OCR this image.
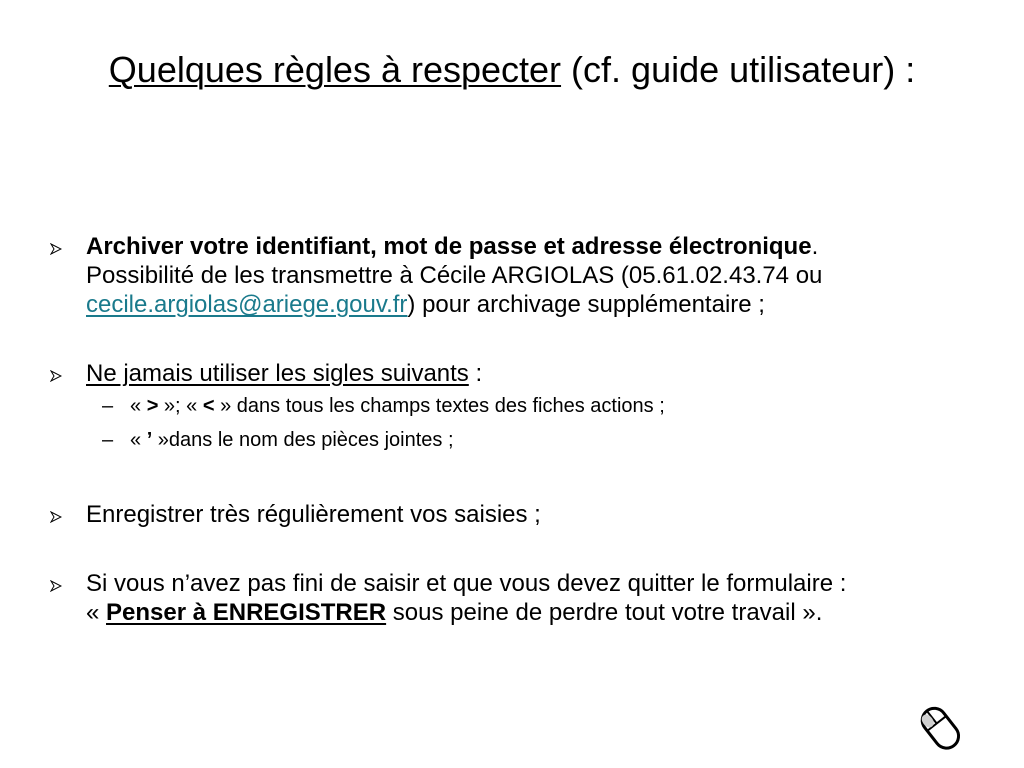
Quelques règles à respecter (cf. guide utilisateur) :
Archiver votre identifiant, mot de passe et adresse électronique.
Possibilité de les transmettre à Cécile ARGIOLAS (05.61.02.43.74 ou
cecile.argiolas@ariege.gouv.fr) pour archivage supplémentaire ;
Ne jamais utiliser les sigles suivants :
– « > »; « < » dans tous les champs textes des fiches actions ;
– « ’ »dans le nom des pièces jointes ;
Enregistrer très régulièrement vos saisies ;
Si vous n’avez pas fini de saisir et que vous devez quitter le formulaire :
« Penser à ENREGISTRER sous peine de perdre tout votre travail ».
